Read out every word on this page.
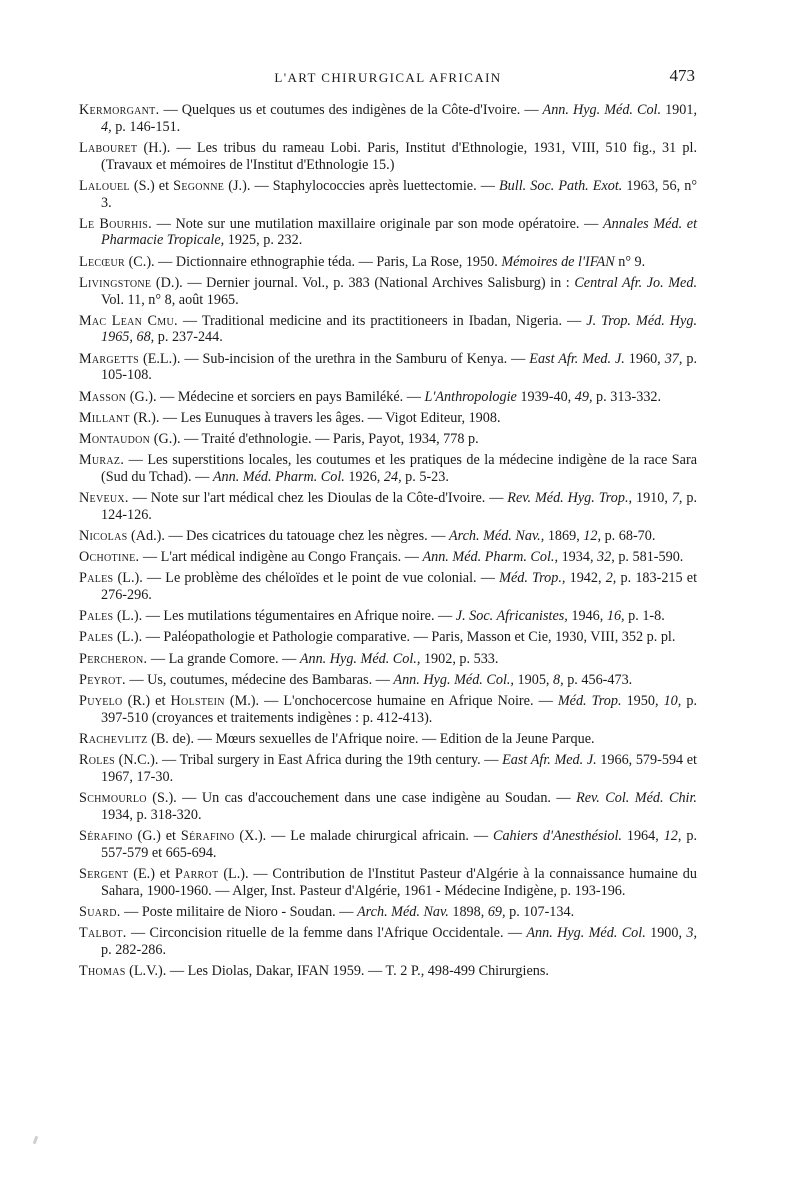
L'ART CHIRURGICAL AFRICAIN	473

Kermorgant. — Quelques us et coutumes des indigènes de la Côte-d'Ivoire. — Ann. Hyg. Méd. Col. 1901, 4, p. 146-151.

Labouret (H.). — Les tribus du rameau Lobi. Paris, Institut d'Ethnologie, 1931, VIII, 510 fig., 31 pl. (Travaux et mémoires de l'Institut d'Ethnologie 15.)

Lalouel (S.) et Segonne (J.). — Staphylococcies après luettectomie. — Bull. Soc. Path. Exot. 1963, 56, n° 3.

Le Bourhis. — Note sur une mutilation maxillaire originale par son mode opératoire. — Annales Méd. et Pharmacie Tropicale, 1925, p. 232.

Lecœur (C.). — Dictionnaire ethnographie téda. — Paris, La Rose, 1950. Mémoires de l'IFAN n° 9.

Livingstone (D.). — Dernier journal. Vol., p. 383 (National Archives Salisburg) in : Central Afr. Jo. Med. Vol. 11, n° 8, août 1965.

Mac Lean Cmu. — Traditional medicine and its practitioneers in Ibadan, Nigeria. — J. Trop. Méd. Hyg. 1965, 68, p. 237-244.

Margetts (E.L.). — Sub-incision of the urethra in the Samburu of Kenya. — East Afr. Med. J. 1960, 37, p. 105-108.

Masson (G.). — Médecine et sorciers en pays Bamiléké. — L'Anthropologie 1939-40, 49, p. 313-332.

Millant (R.). — Les Eunuques à travers les âges. — Vigot Editeur, 1908.

Montaudon (G.). — Traité d'ethnologie. — Paris, Payot, 1934, 778 p.

Muraz. — Les superstitions locales, les coutumes et les pratiques de la médecine indigène de la race Sara (Sud du Tchad). — Ann. Méd. Pharm. Col. 1926, 24, p. 5-23.

Neveux. — Note sur l'art médical chez les Dioulas de la Côte-d'Ivoire. — Rev. Méd. Hyg. Trop., 1910, 7, p. 124-126.

Nicolas (Ad.). — Des cicatrices du tatouage chez les nègres. — Arch. Méd. Nav., 1869, 12, p. 68-70.

Ochotine. — L'art médical indigène au Congo Français. — Ann. Méd. Pharm. Col., 1934, 32, p. 581-590.

Pales (L.). — Le problème des chéloïdes et le point de vue colonial. — Méd. Trop., 1942, 2, p. 183-215 et 276-296.

Pales (L.). — Les mutilations tégumentaires en Afrique noire. — J. Soc. Africanistes, 1946, 16, p. 1-8.

Pales (L.). — Paléopathologie et Pathologie comparative. — Paris, Masson et Cie, 1930, VIII, 352 p. pl.

Percheron. — La grande Comore. — Ann. Hyg. Méd. Col., 1902, p. 533.

Peyrot. — Us, coutumes, médecine des Bambaras. — Ann. Hyg. Méd. Col., 1905, 8, p. 456-473.

Puyelo (R.) et Holstein (M.). — L'onchocercose humaine en Afrique Noire. — Méd. Trop. 1950, 10, p. 397-510 (croyances et traitements indigènes : p. 412-413).

Rachevlitz (B. de). — Mœurs sexuelles de l'Afrique noire. — Edition de la Jeune Parque.

Roles (N.C.). — Tribal surgery in East Africa during the 19th century. — East Afr. Med. J. 1966, 579-594 et 1967, 17-30.

Schmourlo (S.). — Un cas d'accouchement dans une case indigène au Soudan. — Rev. Col. Méd. Chir. 1934, p. 318-320.

Sérafino (G.) et Sérafino (X.). — Le malade chirurgical africain. — Cahiers d'Anesthésiol. 1964, 12, p. 557-579 et 665-694.

Sergent (E.) et Parrot (L.). — Contribution de l'Institut Pasteur d'Algérie à la connaissance humaine du Sahara, 1900-1960. — Alger, Inst. Pasteur d'Algérie, 1961 - Médecine Indigène, p. 193-196.

Suard. — Poste militaire de Nioro - Soudan. — Arch. Méd. Nav. 1898, 69, p. 107-134.

Talbot. — Circoncision rituelle de la femme dans l'Afrique Occidentale. — Ann. Hyg. Méd. Col. 1900, 3, p. 282-286.

Thomas (L.V.). — Les Diolas, Dakar, IFAN 1959. — T. 2 P., 498-499 Chirurgiens.
